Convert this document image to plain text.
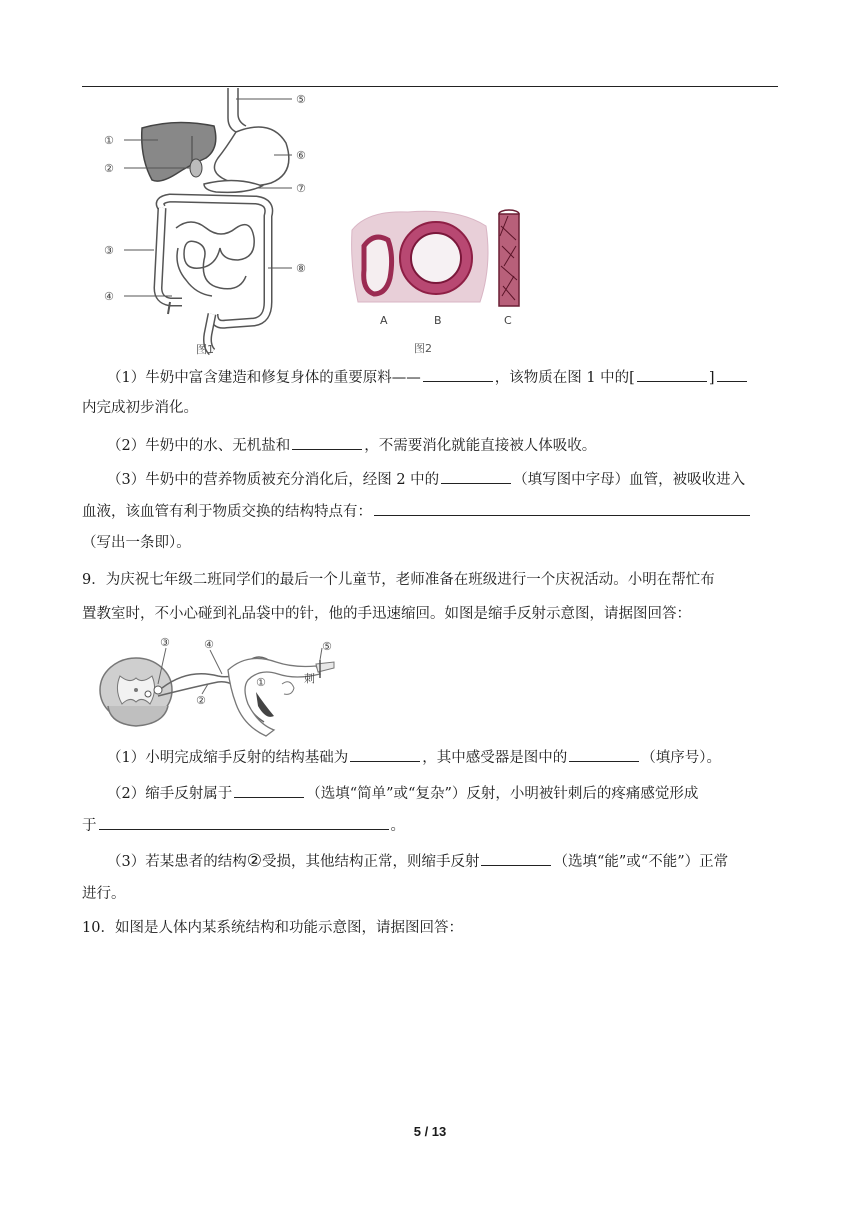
①
②
③
④
⑤
⑥
⑦
⑧
图1
A	B	C
图2
（1）牛奶中富含建造和修复身体的重要原料——	，该物质在图 1 中的[	]
内完成初步消化。
（2）牛奶中的水、无机盐和	，不需要消化就能直接被人体吸收。
（3）牛奶中的营养物质被充分消化后，经图 2 中的	（填写图中字母）血管，被吸收进入
血液，该血管有利于物质交换的结构特点有：
（写出一条即）。
9．为庆祝七年级二班同学们的最后一个儿童节，老师准备在班级进行一个庆祝活动。小明在帮忙布
置教室时，不小心碰到礼品袋中的针，他的手迅速缩回。如图是缩手反射示意图，请据图回答：
③	④	⑤
①
②
刺
（1）小明完成缩手反射的结构基础为	，其中感受器是图中的	（填序号）。
（2）缩手反射属于	（选填“简单”或“复杂”）反射，小明被针刺后的疼痛感觉形成
于	。
（3）若某患者的结构②受损，其他结构正常，则缩手反射	（选填“能”或“不能”）正常
进行。
10．如图是人体内某系统结构和功能示意图，请据图回答：
5 / 13
